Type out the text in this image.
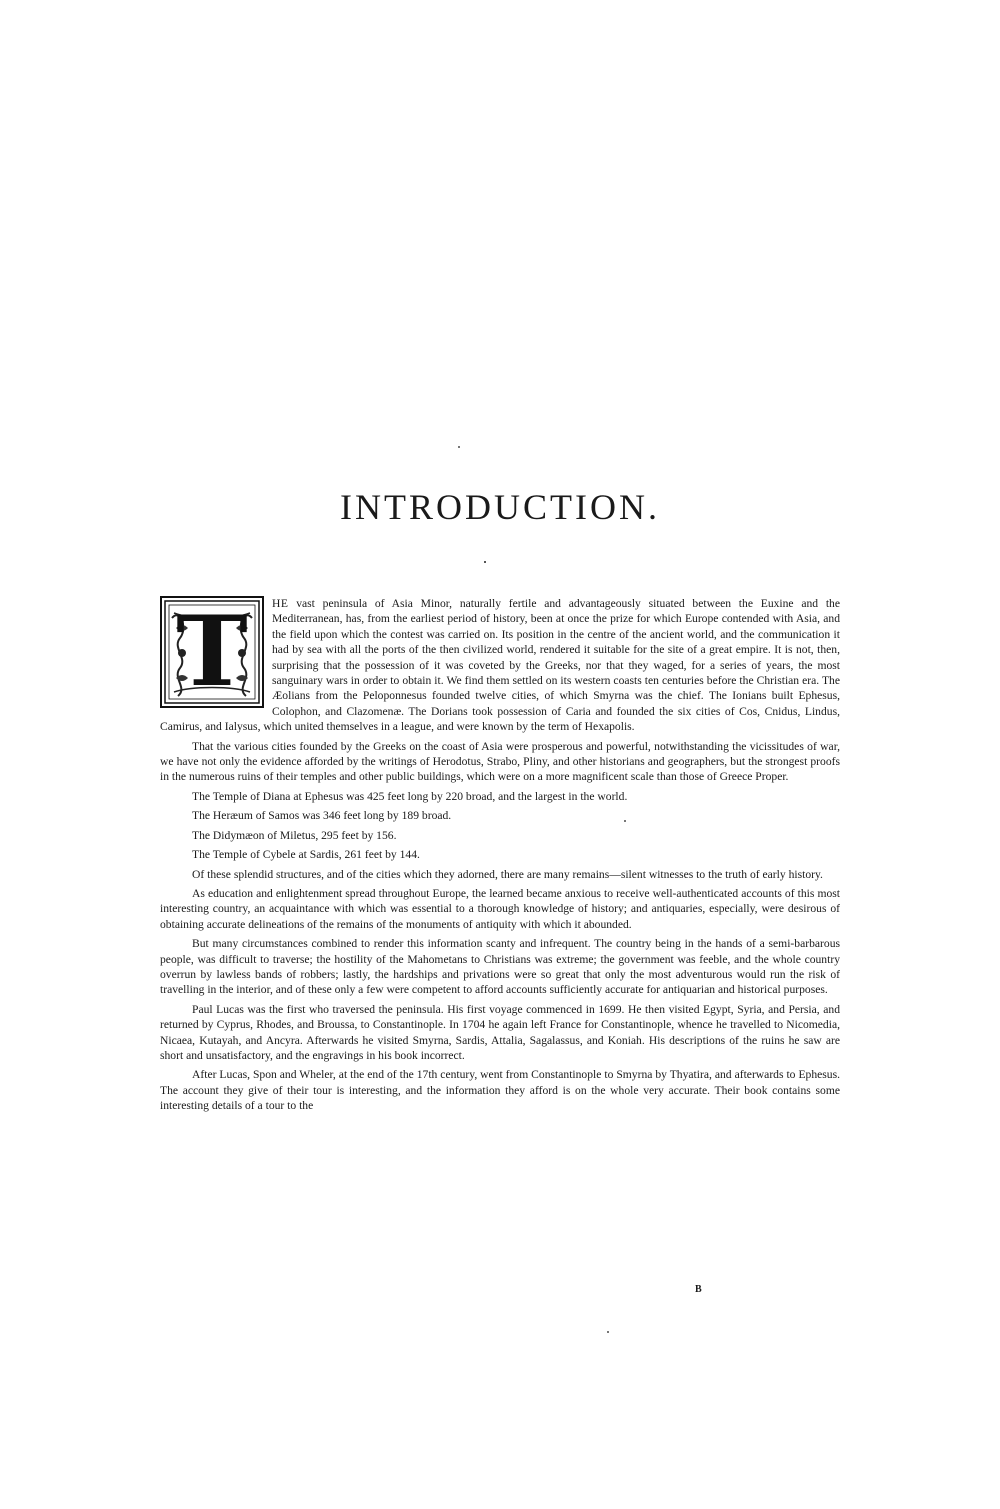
INTRODUCTION.

T	HE vast peninsula of Asia Minor, naturally fertile and advantageously situated between the Euxine and the Mediterranean, has, from the earliest period of history, been at once the prize for which Europe contended with Asia, and the field upon which the contest was carried on. Its position in the centre of the ancient world, and the communication it had by sea with all the ports of the then civilized world, rendered it suitable for the site of a great empire. It is not, then, surprising that the possession of it was coveted by the Greeks, nor that they waged, for a series of years, the most sanguinary wars in order to obtain it. We find them settled on its western coasts ten centuries before the Christian era. The Æolians from the Peloponnesus founded twelve cities, of which Smyrna was the chief. The Ionians built Ephesus, Colophon, and Clazomenæ. The Dorians took possession of Caria and founded the six cities of Cos, Cnidus, Lindus, Camirus, and Ialysus, which united themselves in a league, and were known by the term of Hexapolis.

That the various cities founded by the Greeks on the coast of Asia were prosperous and powerful, notwithstanding the vicissitudes of war, we have not only the evidence afforded by the writings of Herodotus, Strabo, Pliny, and other historians and geographers, but the strongest proofs in the numerous ruins of their temples and other public buildings, which were on a more magnificent scale than those of Greece Proper.

The Temple of Diana at Ephesus was 425 feet long by 220 broad, and the largest in the world.

The Heræum of Samos was 346 feet long by 189 broad.

The Didymæon of Miletus, 295 feet by 156.

The Temple of Cybele at Sardis, 261 feet by 144.

Of these splendid structures, and of the cities which they adorned, there are many remains—silent witnesses to the truth of early history.

As education and enlightenment spread throughout Europe, the learned became anxious to receive well-authenticated accounts of this most interesting country, an acquaintance with which was essential to a thorough knowledge of history; and antiquaries, especially, were desirous of obtaining accurate delineations of the remains of the monuments of antiquity with which it abounded.

But many circumstances combined to render this information scanty and infrequent. The country being in the hands of a semi-barbarous people, was difficult to traverse; the hostility of the Mahometans to Christians was extreme; the government was feeble, and the whole country overrun by lawless bands of robbers; lastly, the hardships and privations were so great that only the most adventurous would run the risk of travelling in the interior, and of these only a few were competent to afford accounts sufficiently accurate for antiquarian and historical purposes.

Paul Lucas was the first who traversed the peninsula. His first voyage commenced in 1699. He then visited Egypt, Syria, and Persia, and returned by Cyprus, Rhodes, and Broussa, to Constantinople. In 1704 he again left France for Constantinople, whence he travelled to Nicomedia, Nicaea, Kutayah, and Ancyra. Afterwards he visited Smyrna, Sardis, Attalia, Sagalassus, and Koniah. His descriptions of the ruins he saw are short and unsatisfactory, and the engravings in his book incorrect.

After Lucas, Spon and Wheler, at the end of the 17th century, went from Constantinople to Smyrna by Thyatira, and afterwards to Ephesus. The account they give of their tour is interesting, and the information they afford is on the whole very accurate. Their book contains some interesting details of a tour to the

B
